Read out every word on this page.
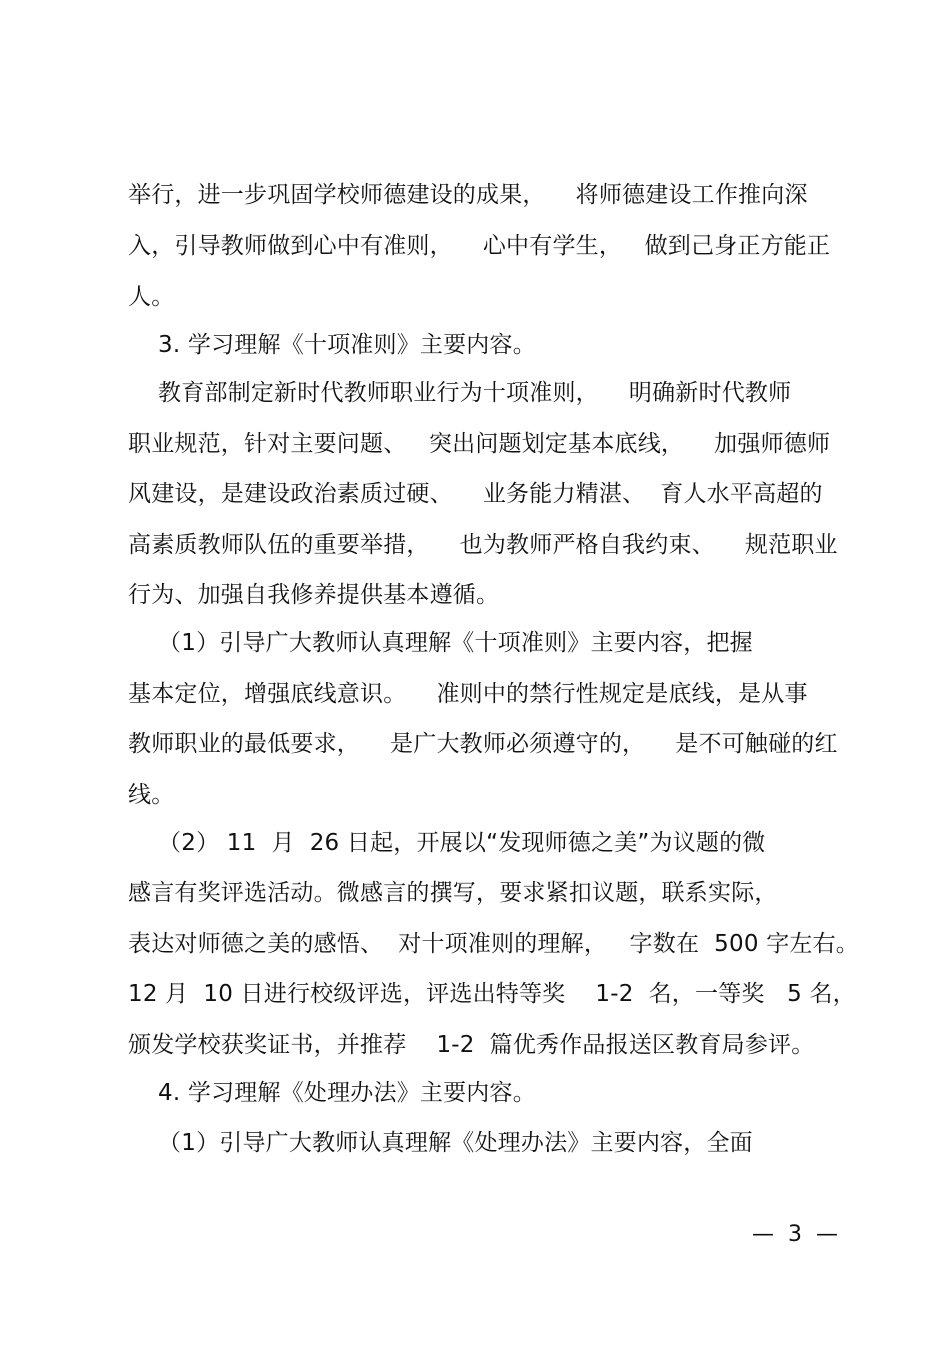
举行，进一步巩固学校师德建设的成果，    将师德建设工作推向深
入，引导教师做到心中有准则，    心中有学生，   做到己身正方能正
人。
3. 学习理解《十项准则》主要内容。
教育部制定新时代教师职业行为十项准则，    明确新时代教师
职业规范，针对主要问题、   突出问题划定基本底线，    加强师德师
风建设，是建设政治素质过硬、    业务能力精湛、  育人水平高超的
高素质教师队伍的重要举措，    也为教师严格自我约束、    规范职业
行为、加强自我修养提供基本遵循。
（1）引导广大教师认真理解《十项准则》主要内容，把握
基本定位，增强底线意识。    准则中的禁行性规定是底线，是从事
教师职业的最低要求，    是广大教师必须遵守的，    是不可触碰的红
线。
（2） 11  月  26 日起，开展以“发现师德之美”为议题的微
感言有奖评选活动。微感言的撰写，要求紧扣议题，联系实际，
表达对师德之美的感悟、  对十项准则的理解，   字数在  500 字左右。
12 月  10 日进行校级评选，评选出特等奖    1-2  名，一等奖   5 名，
颁发学校获奖证书，并推荐    1-2  篇优秀作品报送区教育局参评。
4. 学习理解《处理办法》主要内容。
（1）引导广大教师认真理解《处理办法》主要内容，全面
—  3  —
